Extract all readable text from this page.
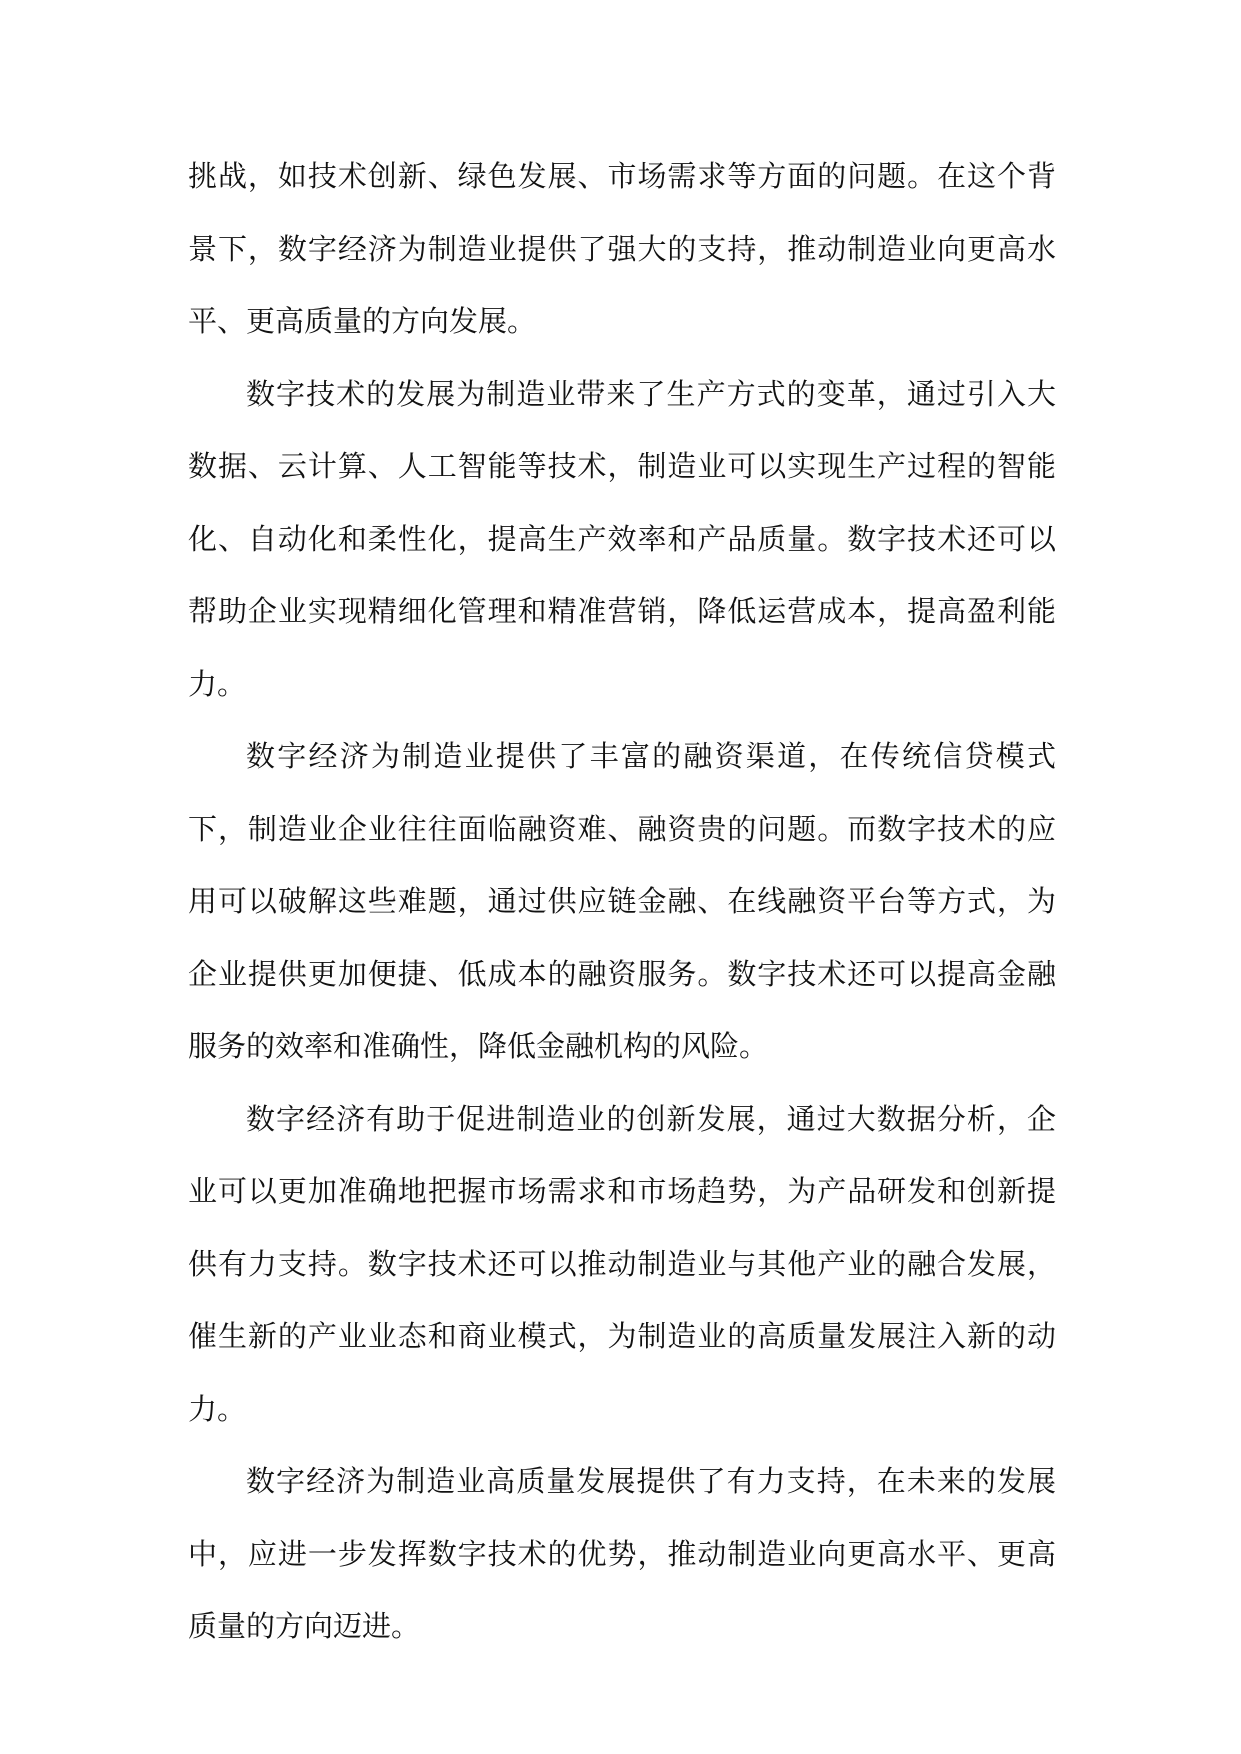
挑战，如技术创新、绿色发展、市场需求等方面的问题。在这个背景下，数字经济为制造业提供了强大的支持，推动制造业向更高水平、更高质量的方向发展。

数字技术的发展为制造业带来了生产方式的变革，通过引入大数据、云计算、人工智能等技术，制造业可以实现生产过程的智能化、自动化和柔性化，提高生产效率和产品质量。数字技术还可以帮助企业实现精细化管理和精准营销，降低运营成本，提高盈利能力。

数字经济为制造业提供了丰富的融资渠道，在传统信贷模式下，制造业企业往往面临融资难、融资贵的问题。而数字技术的应用可以破解这些难题，通过供应链金融、在线融资平台等方式，为企业提供更加便捷、低成本的融资服务。数字技术还可以提高金融服务的效率和准确性，降低金融机构的风险。

数字经济有助于促进制造业的创新发展，通过大数据分析，企业可以更加准确地把握市场需求和市场趋势，为产品研发和创新提供有力支持。数字技术还可以推动制造业与其他产业的融合发展，催生新的产业业态和商业模式，为制造业的高质量发展注入新的动力。

数字经济为制造业高质量发展提供了有力支持，在未来的发展中，应进一步发挥数字技术的优势，推动制造业向更高水平、更高质量的方向迈进。
